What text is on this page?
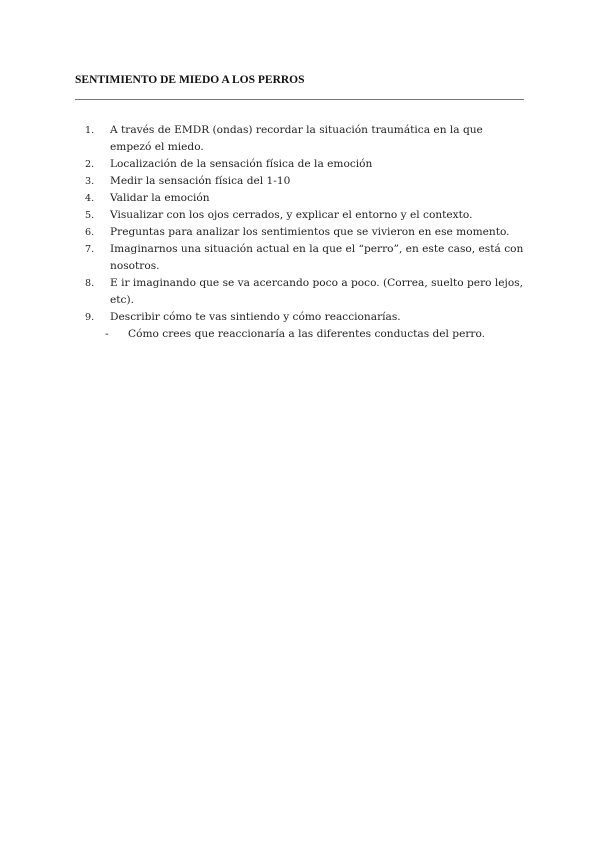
SENTIMIENTO DE MIEDO A LOS PERROS
1.	A través de EMDR (ondas) recordar la situación traumática en la que empezó el miedo.
2.	Localización de la sensación física de la emoción
3.	Medir la sensación física del 1-10
4.	Validar la emoción
5.	Visualizar con los ojos cerrados, y explicar el entorno y el contexto.
6.	Preguntas para analizar los sentimientos que se vivieron en ese momento.
7.	Imaginarnos una situación actual en la que el “perro”, en este caso, está con nosotros.
8.	E ir imaginando que se va acercando poco a poco. (Correa, suelto pero lejos, etc).
9.	Describir cómo te vas sintiendo y cómo reaccionarías.
- Cómo crees que reaccionaría a las diferentes conductas del perro.
